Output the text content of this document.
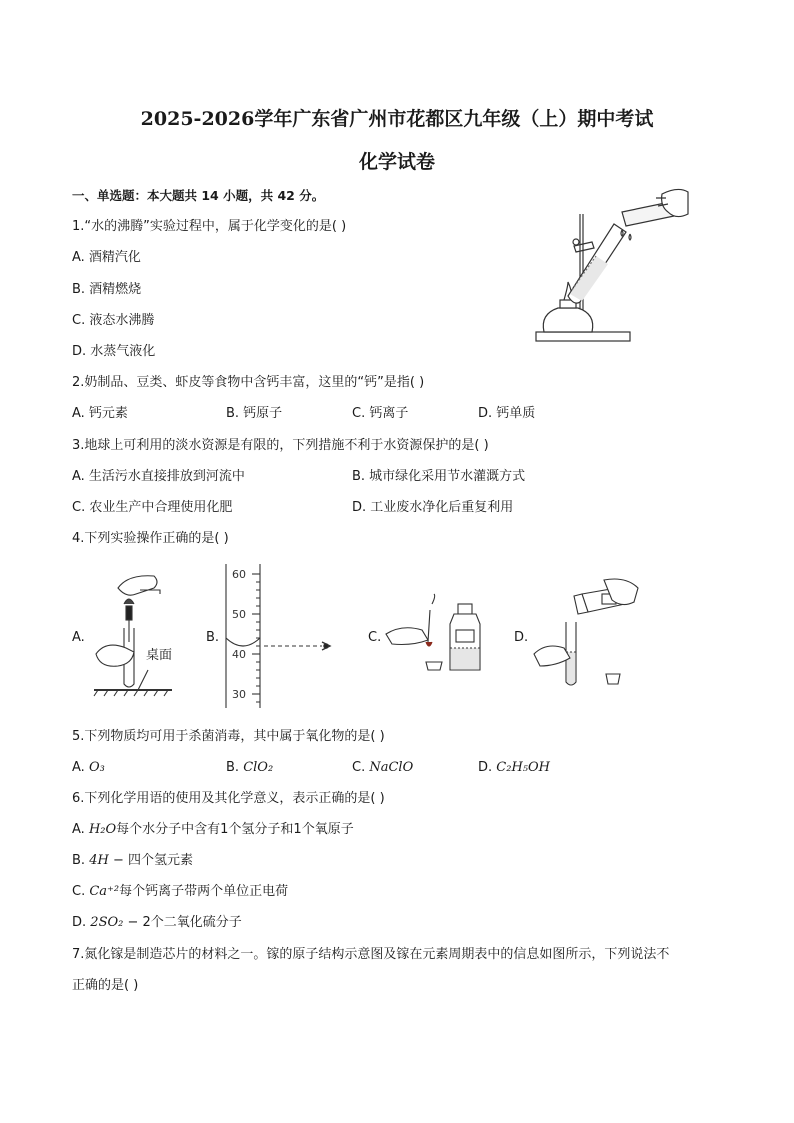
2025-2026学年广东省广州市花都区九年级（上）期中考试
化学试卷
一、单选题：本大题共 14 小题，共 42 分。
1.“水的沸腾”实验过程中，属于化学变化的是( )
A. 酒精汽化
B. 酒精燃烧
C. 液态水沸腾
D. 水蒸气液化
2.奶制品、豆类、虾皮等食物中含钙丰富，这里的“钙”是指( )
A. 钙元素	B. 钙原子	C. 钙离子	D. 钙单质
3.地球上可利用的淡水资源是有限的，下列措施不利于水资源保护的是( )
A. 生活污水直接排放到河流中	B. 城市绿化采用节水灌溉方式
C. 农业生产中合理使用化肥	D. 工业废水净化后重复利用
4.下列实验操作正确的是( )
A.
桌面
B.
60
50
40
30
C.	D.
5.下列物质均可用于杀菌消毒，其中属于氧化物的是( )
A. O₃	B. ClO₂	C. NaClO	D. C₂H₅OH
6.下列化学用语的使用及其化学意义，表示正确的是( )
A. H₂O每个水分子中含有1个氢分子和1个氧原子
B. 4H − 四个氢元素
C. Ca⁺²每个钙离子带两个单位正电荷
D. 2SO₂ − 2个二氧化硫分子
7.氮化镓是制造芯片的材料之一。镓的原子结构示意图及镓在元素周期表中的信息如图所示，下列说法不
正确的是( )
